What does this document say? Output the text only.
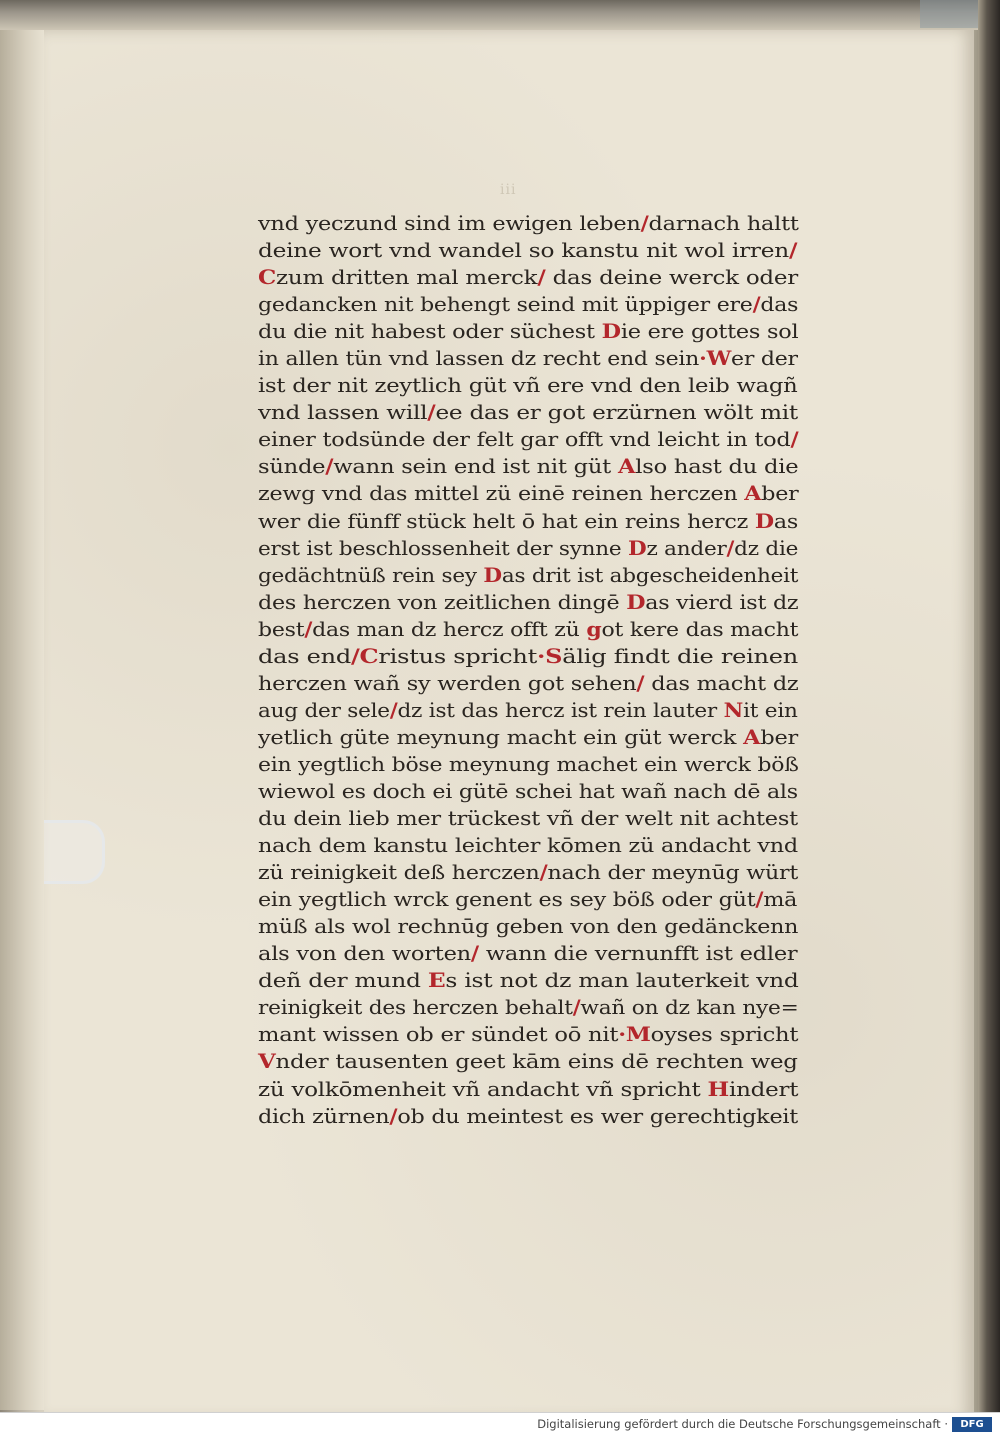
iii
vnd yeczund sind im ewigen leben/darnach haltt
deine wort vnd wandel so kanstu nit wol irren/
Czum dritten mal merck/ das deine werck oder
gedancken nit behengt seind mit üppiger ere/das
du die nit habest oder süchest Die ere gottes sol
in allen tün vnd lassen dz recht end sein·Wer der
ist der nit zeytlich güt vñ ere vnd den leib wagñ
vnd lassen will/ee das er got erzürnen wölt mit
einer todsünde der felt gar offt vnd leicht in tod/
sünde/wann sein end ist nit güt Also hast du die
zewg vnd das mittel zü einē reinen herczen Aber
wer die fünff stück helt ō hat ein reins hercz Das
erst ist beschlossenheit der synne Dz ander/dz die
gedächtnüß rein sey Das drit ist abgescheidenheit
des herczen von zeitlichen dingē Das vierd ist dz
best/das man dz hercz offt zü got kere das macht
das end/Cristus spricht·Sälig findt die reinen
herczen wañ sy werden got sehen/ das macht dz
aug der sele/dz ist das hercz ist rein lauter Nit ein
yetlich güte meynung macht ein güt werck Aber
ein yegtlich böse meynung machet ein werck böß
wiewol es doch ei gütē schei hat wañ nach dē als
du dein lieb mer trückest vñ der welt nit achtest
nach dem kanstu leichter kōmen zü andacht vnd
zü reinigkeit deß herczen/nach der meynūg würt
ein yegtlich wrck genent es sey böß oder güt/mā
müß als wol rechnūg geben von den gedänckenn
als von den worten/ wann die vernunfft ist edler
deñ der mund Es ist not dz man lauterkeit vnd
reinigkeit des herczen behalt/wañ on dz kan nye=
mant wissen ob er sündet oō nit·Moyses spricht
Vnder tausenten geet kām eins dē rechten weg
zü volkōmenheit vñ andacht vñ spricht Hindert
dich zürnen/ob du meintest es wer gerechtigkeit
Digitalisierung gefördert durch die Deutsche Forschungsgemeinschaft ·	DFG
